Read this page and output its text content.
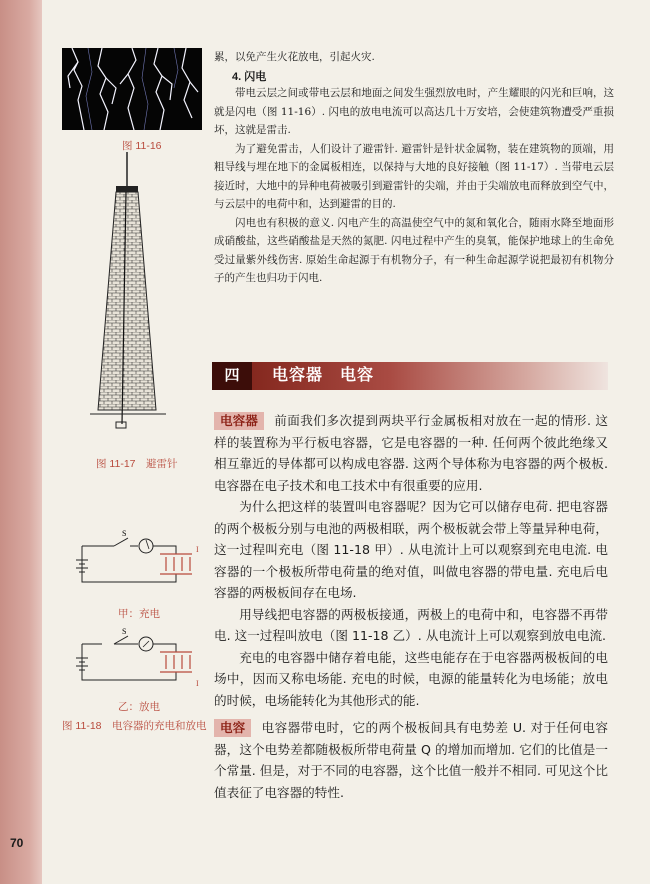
70
图 11-16
图 11-17　避雷针
S
I
甲：充电
S
I
乙：放电
图 11-18　电容器的充电和放电

累，以免产生火花放电，引起火灾.

4. 闪电

带电云层之间或带电云层和地面之间发生强烈放电时，产生耀眼的闪光和巨响，这就是闪电（图 11-16）. 闪电的放电电流可以高达几十万安培，会使建筑物遭受严重损坏，这就是雷击.

为了避免雷击，人们设计了避雷针. 避雷针是针状金属物，装在建筑物的顶端，用粗导线与埋在地下的金属板相连，以保持与大地的良好接触（图 11-17）. 当带电云层接近时，大地中的异种电荷被吸引到避雷针的尖端，并由于尖端放电而释放到空气中，与云层中的电荷中和，达到避雷的目的.

闪电也有积极的意义. 闪电产生的高温使空气中的氮和氧化合，随雨水降至地面形成硝酸盐，这些硝酸盐是天然的氮肥. 闪电过程中产生的臭氧，能保护地球上的生命免受过量紫外线伤害. 原始生命起源于有机物分子，有一种生命起源学说把最初有机物分子的产生也归功于闪电.

四	电容器　电容

电容器 前面我们多次提到两块平行金属板相对放在一起的情形. 这样的装置称为平行板电容器，它是电容器的一种. 任何两个彼此绝缘又相互靠近的导体都可以构成电容器. 这两个导体称为电容器的两个极板. 电容器在电子技术和电工技术中有很重要的应用.

为什么把这样的装置叫电容器呢？因为它可以储存电荷. 把电容器的两个极板分别与电池的两极相联，两个极板就会带上等量异种电荷，这一过程叫充电（图 11-18 甲）. 从电流计上可以观察到充电电流. 电容器的一个极板所带电荷量的绝对值，叫做电容器的带电量. 充电后电容器的两极板间存在电场.

用导线把电容器的两极板接通，两极上的电荷中和，电容器不再带电. 这一过程叫放电（图 11-18 乙）. 从电流计上可以观察到放电电流.

充电的电容器中储存着电能，这些电能存在于电容器两极板间的电场中，因而又称电场能. 充电的时候，电源的能量转化为电场能；放电的时候，电场能转化为其他形式的能.

电容 电容器带电时，它的两个极板间具有电势差 U. 对于任何电容器，这个电势差都随极板所带电荷量 Q 的增加而增加. 它们的比值是一个常量. 但是，对于不同的电容器，这个比值一般并不相同. 可见这个比值表征了电容器的特性.
